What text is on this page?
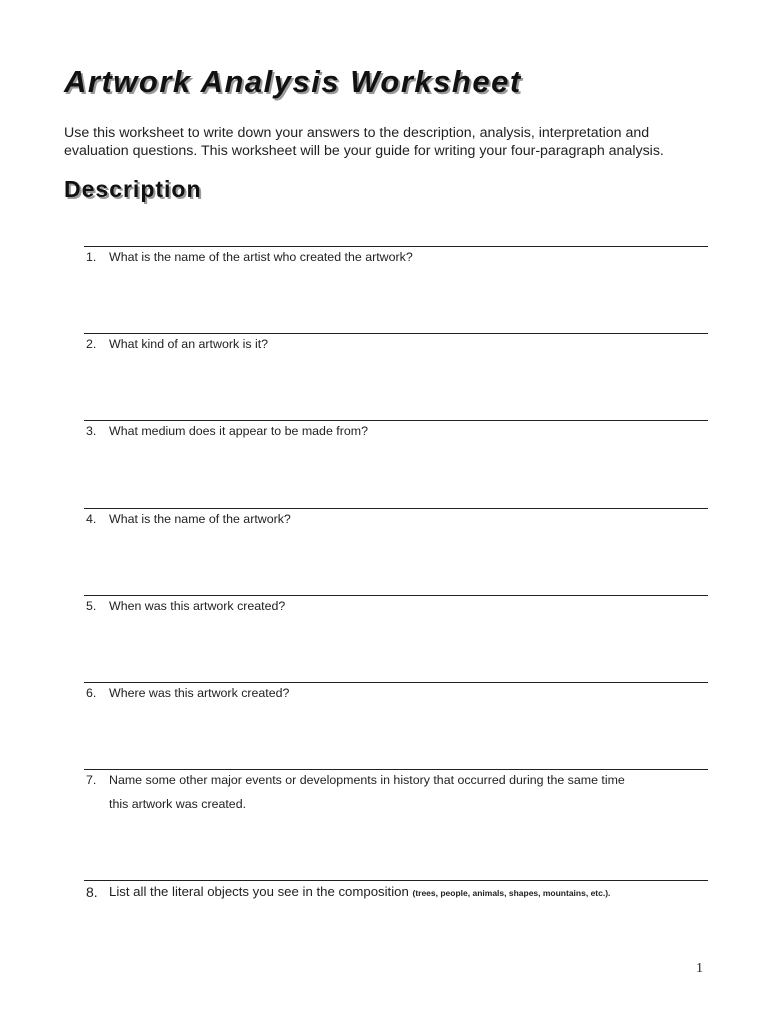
Artwork Analysis Worksheet

Use this worksheet to write down your answers to the description, analysis, interpretation and
evaluation questions. This worksheet will be your guide for writing your four-paragraph analysis.

Description
1.	What is the name of the artist who created the artwork?
2.	What kind of an artwork is it?
3.	What medium does it appear to be made from?
4.	What is the name of the artwork?
5.	When was this artwork created?
6.	Where was this artwork created?
7.	Name some other major events or developments in history that occurred during the same time
this artwork was created.
8. List all the literal objects you see in the composition (trees, people, animals, shapes, mountains, etc.).
1
